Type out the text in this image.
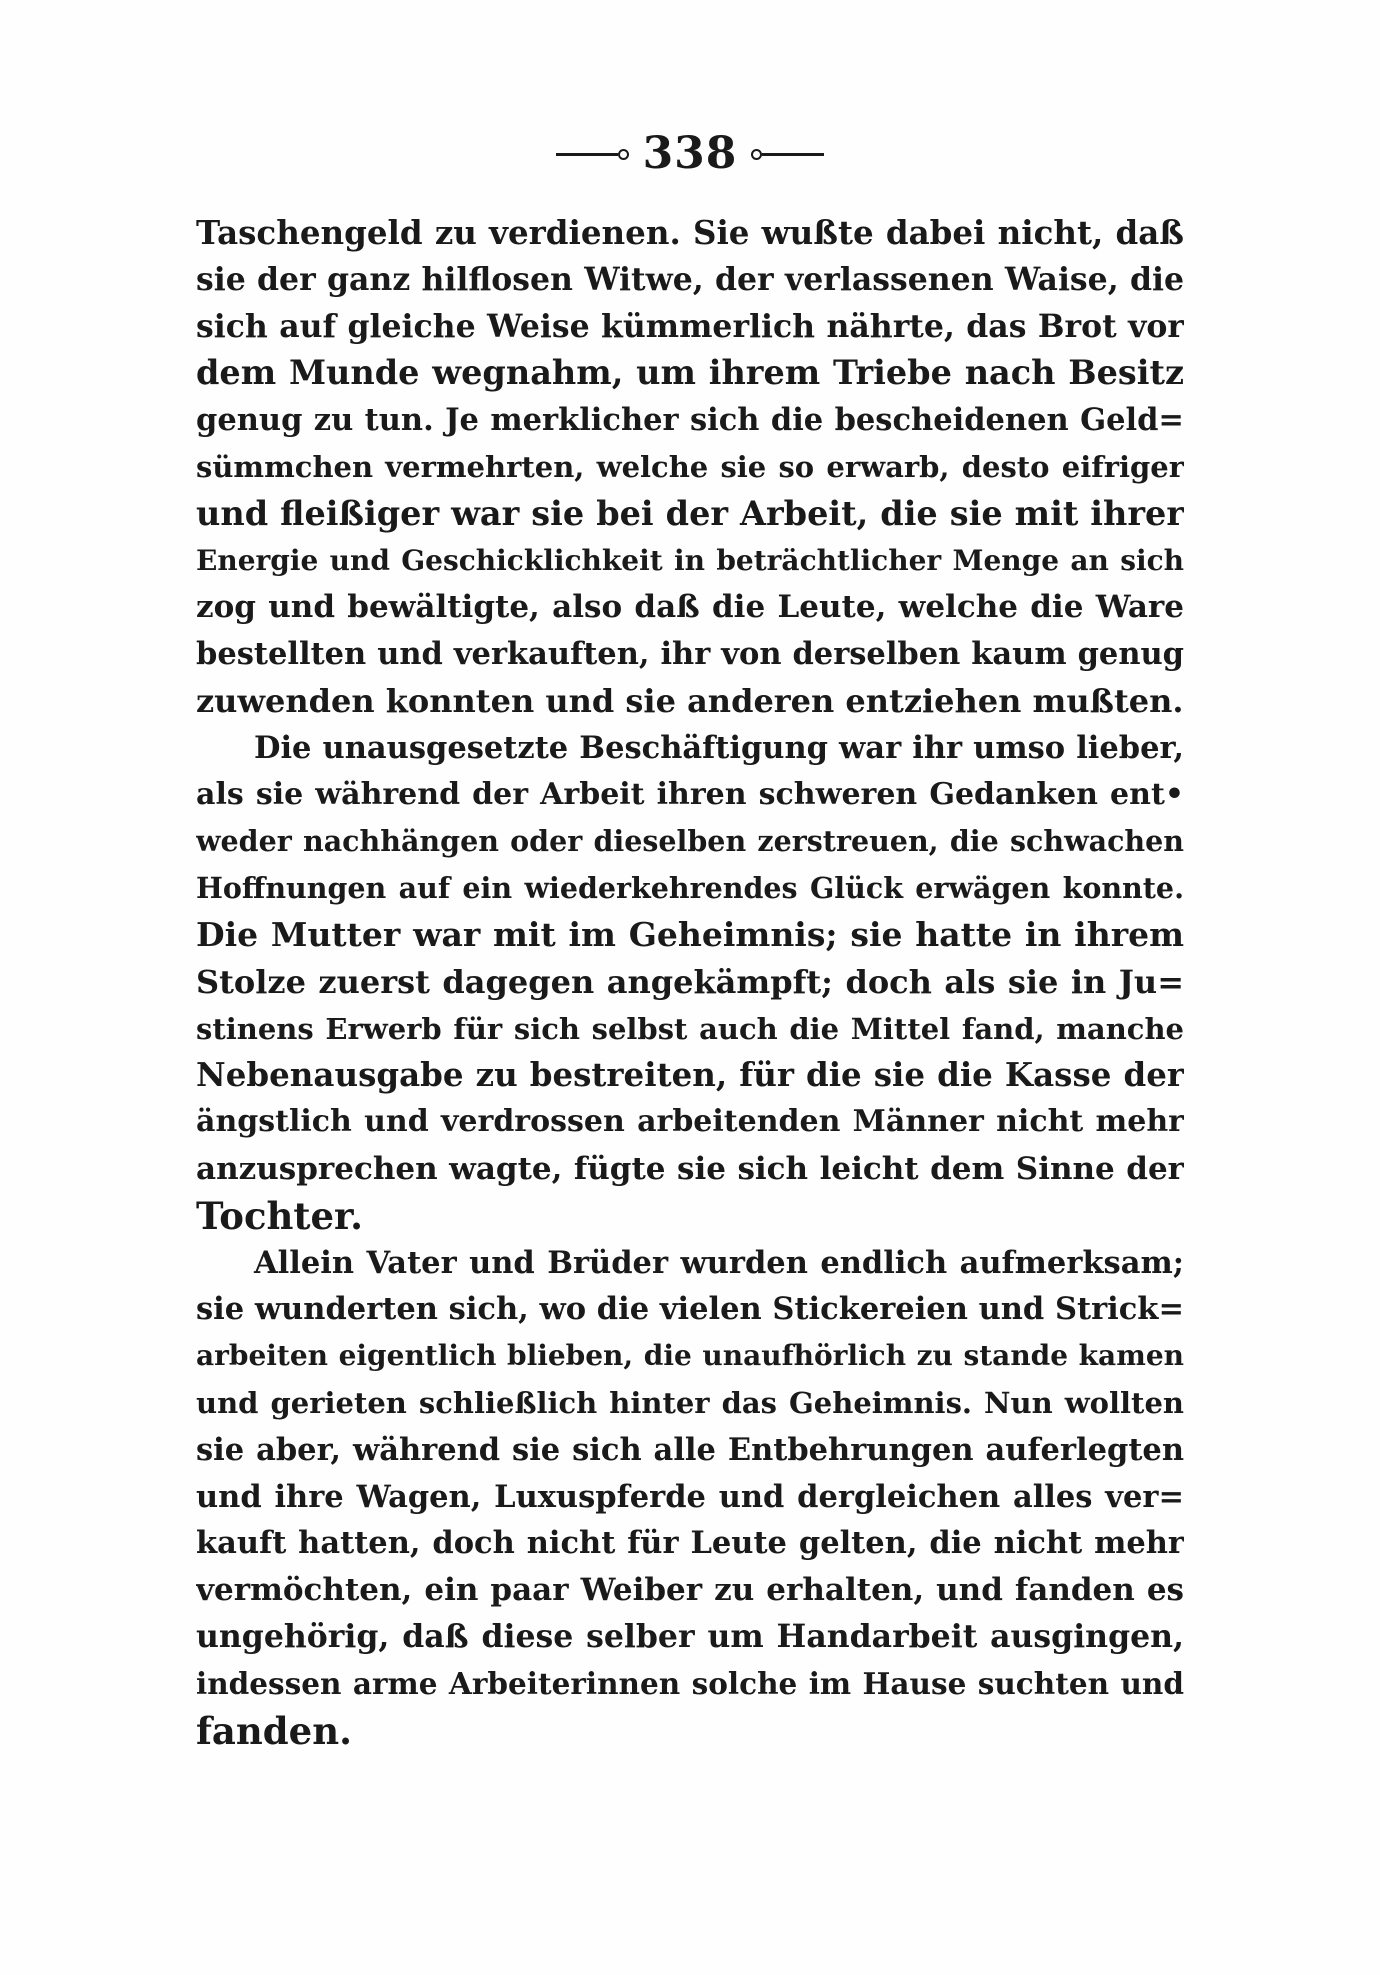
338
Taschengeld zu verdienen. Sie wußte dabei nicht, daß
sie der ganz hilflosen Witwe, der verlassenen Waise, die
sich auf gleiche Weise kümmerlich nährte, das Brot vor
dem Munde wegnahm, um ihrem Triebe nach Besitz
genug zu tun. Je merklicher sich die bescheidenen Geld=
sümmchen vermehrten, welche sie so erwarb, desto eifriger
und fleißiger war sie bei der Arbeit, die sie mit ihrer
Energie und Geschicklichkeit in beträchtlicher Menge an sich
zog und bewältigte, also daß die Leute, welche die Ware
bestellten und verkauften, ihr von derselben kaum genug
zuwenden konnten und sie anderen entziehen mußten.
Die unausgesetzte Beschäftigung war ihr umso lieber,
als sie während der Arbeit ihren schweren Gedanken ent•
weder nachhängen oder dieselben zerstreuen, die schwachen
Hoffnungen auf ein wiederkehrendes Glück erwägen konnte.
Die Mutter war mit im Geheimnis; sie hatte in ihrem
Stolze zuerst dagegen angekämpft; doch als sie in Ju=
stinens Erwerb für sich selbst auch die Mittel fand, manche
Nebenausgabe zu bestreiten, für die sie die Kasse der
ängstlich und verdrossen arbeitenden Männer nicht mehr
anzusprechen wagte, fügte sie sich leicht dem Sinne der
Tochter.
Allein Vater und Brüder wurden endlich aufmerksam;
sie wunderten sich, wo die vielen Stickereien und Strick=
arbeiten eigentlich blieben, die unaufhörlich zu stande kamen
und gerieten schließlich hinter das Geheimnis. Nun wollten
sie aber, während sie sich alle Entbehrungen auferlegten
und ihre Wagen, Luxuspferde und dergleichen alles ver=
kauft hatten, doch nicht für Leute gelten, die nicht mehr
vermöchten, ein paar Weiber zu erhalten, und fanden es
ungehörig, daß diese selber um Handarbeit ausgingen,
indessen arme Arbeiterinnen solche im Hause suchten und
fanden.
